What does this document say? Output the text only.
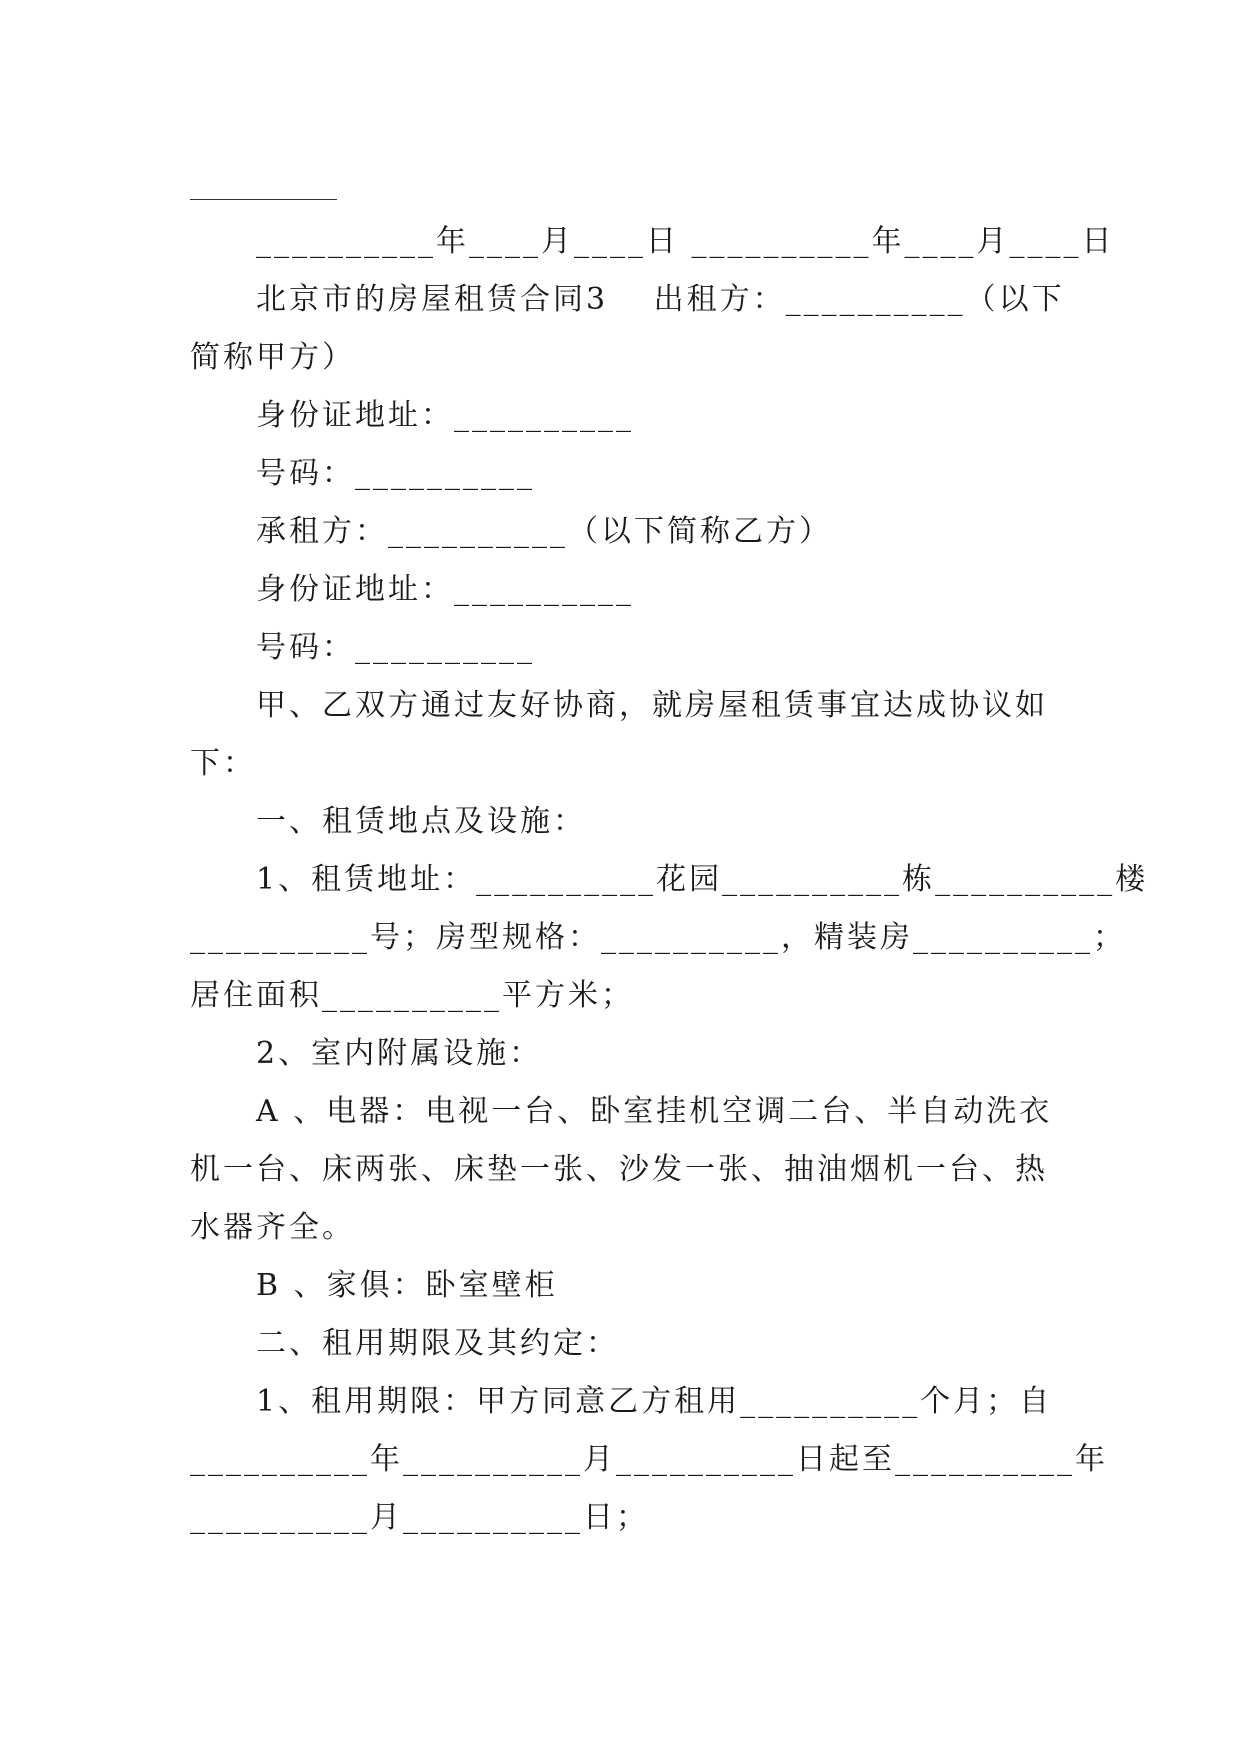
__________年____月____日 __________年____月____日
北京市的房屋租赁合同3　 出租方：__________（以下
简称甲方）
身份证地址：__________
号码：__________
承租方：__________（以下简称乙方）
身份证地址：__________
号码：__________
甲、乙双方通过友好协商，就房屋租赁事宜达成协议如
下：
一、租赁地点及设施：
1、租赁地址：__________花园__________栋__________楼
__________号；房型规格：__________，精装房__________；
居住面积__________平方米；
2、室内附属设施：
A 、电器：电视一台、卧室挂机空调二台、半自动洗衣
机一台、床两张、床垫一张、沙发一张、抽油烟机一台、热
水器齐全。
B 、家俱：卧室壁柜
二、租用期限及其约定：
1、租用期限：甲方同意乙方租用__________个月；自
__________年__________月__________日起至__________年
__________月__________日；
